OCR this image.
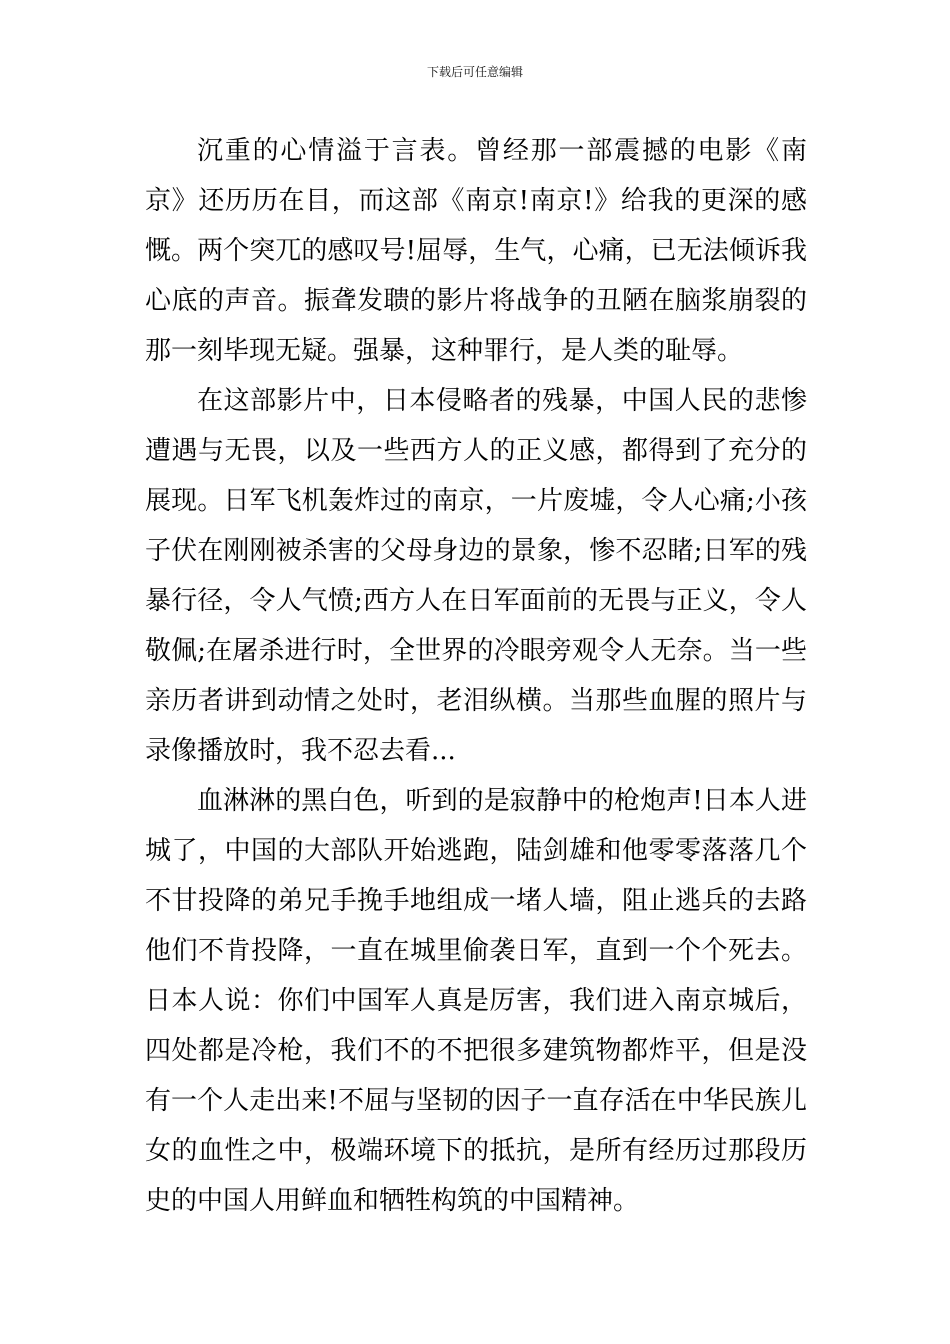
下载后可任意编辑

沉重的心情溢于言表。曾经那一部震撼的电影《南京》还历历在目，而这部《南京!南京!》给我的更深的感慨。两个突兀的感叹号!屈辱，生气，心痛，已无法倾诉我心底的声音。振聋发聩的影片将战争的丑陋在脑浆崩裂的那一刻毕现无疑。强暴，这种罪行，是人类的耻辱。

在这部影片中，日本侵略者的残暴，中国人民的悲惨遭遇与无畏，以及一些西方人的正义感，都得到了充分的展现。日军飞机轰炸过的南京，一片废墟，令人心痛;小孩子伏在刚刚被杀害的父母身边的景象，惨不忍睹;日军的残暴行径，令人气愤;西方人在日军面前的无畏与正义，令人敬佩;在屠杀进行时，全世界的冷眼旁观令人无奈。当一些亲历者讲到动情之处时，老泪纵横。当那些血腥的照片与录像播放时，我不忍去看...

血淋淋的黑白色，听到的是寂静中的枪炮声!日本人进城了，中国的大部队开始逃跑，陆剑雄和他零零落落几个不甘投降的弟兄手挽手地组成一堵人墙，阻止逃兵的去路他们不肯投降，一直在城里偷袭日军，直到一个个死去。日本人说：你们中国军人真是厉害，我们进入南京城后，四处都是冷枪，我们不的不把很多建筑物都炸平，但是没有一个人走出来!不屈与坚韧的因子一直存活在中华民族儿女的血性之中，极端环境下的抵抗，是所有经历过那段历史的中国人用鲜血和牺牲构筑的中国精神。
